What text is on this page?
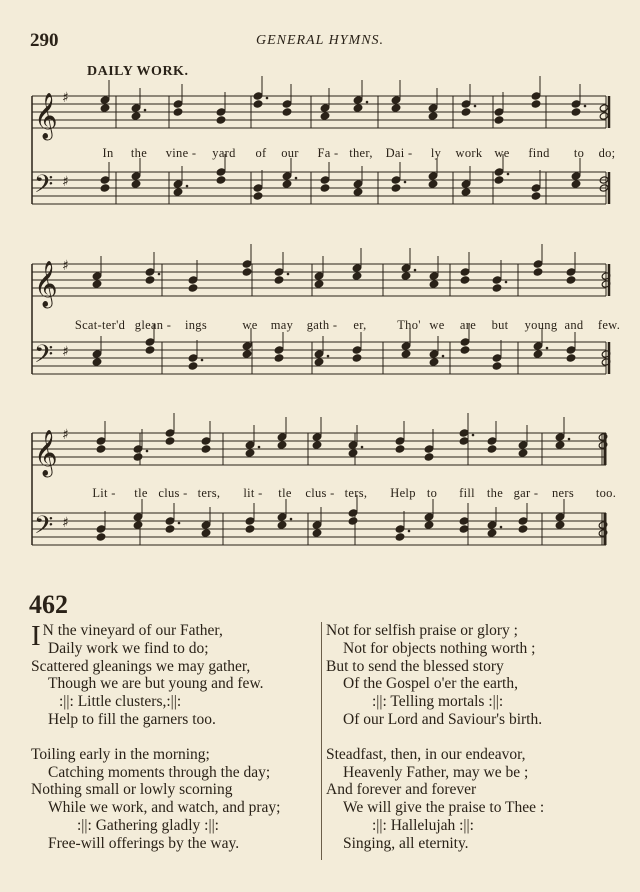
290	GENERAL HYMNS.
DAILY WORK.
𝄞
𝄢
♯
♯
In the vine - yard of our Fa - ther, Dai - ly work we find to do;
𝄞
𝄢
♯
♯
Scat-ter'd glean - ings	we may gath - er, Tho' we are but young and few.
𝄞
𝄢
♯
♯
Lit - tle clus - ters, lit - tle clus - ters, Help to fill the gar - ners too.
462
I N the vineyard of our Father,
Daily work we find to do;
Scattered gleanings we may gather,
Though we are but young and few.
:||: Little clusters,:||:
Help to fill the garners too.
Toiling early in the morning;
Catching moments through the day;
Nothing small or lowly scorning
While we work, and watch, and pray;
:||: Gathering gladly :||:
Free-will offerings by the way.
Not for selfish praise or glory ;
Not for objects nothing worth ;
But to send the blessed story
Of the Gospel o'er the earth,
:||: Telling mortals :||:
Of our Lord and Saviour's birth.
Steadfast, then, in our endeavor,
Heavenly Father, may we be ;
And forever and forever
We will give the praise to Thee :
:||: Hallelujah :||:
Singing, all eternity.
